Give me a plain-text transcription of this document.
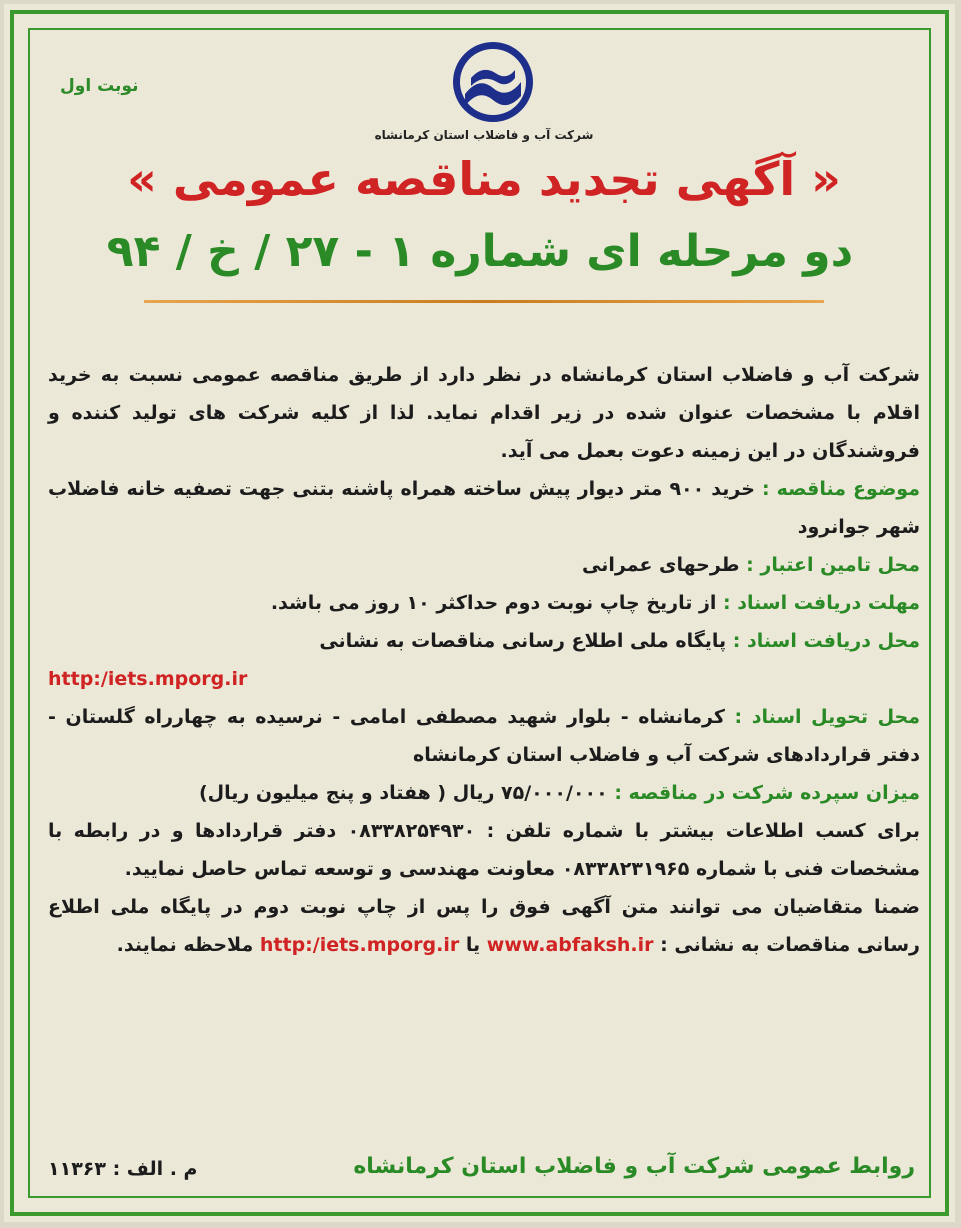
نوبت اول
شرکت آب و فاضلاب استان کرمانشاه
« آگهی تجدید مناقصه عمومی »
دو مرحله ای شماره ۱ - ۲۷ / خ / ۹۴

شرکت آب و فاضلاب استان کرمانشاه در نظر دارد از طریق مناقصه عمومی نسبت به خرید اقلام با مشخصات عنوان شده در زیر اقدام نماید. لذا از کلیه شرکت های تولید کننده و فروشندگان در این زمینه دعوت بعمل می آید.

موضوع مناقصه : خرید ۹۰۰ متر دیوار پیش ساخته همراه پاشنه بتنی جهت تصفیه خانه فاضلاب شهر جوانرود

محل تامین اعتبار : طرحهای عمرانی

مهلت دریافت اسناد : از تاریخ چاپ نوبت دوم حداکثر ۱۰ روز می باشد.

محل دریافت اسناد : پایگاه ملی اطلاع رسانی مناقصات به نشانی

http:/iets.mporg.ir

محل تحویل اسناد : کرمانشاه - بلوار شهید مصطفی امامی - نرسیده به چهارراه گلستان - دفتر قراردادهای شرکت آب و فاضلاب استان کرمانشاه

میزان سپرده شرکت در مناقصه : ۷۵/۰۰۰/۰۰۰ ریال ( هفتاد و پنج میلیون ریال)

برای کسب اطلاعات بیشتر با شماره تلفن : ۰۸۳۳۸۲۵۴۹۳۰ دفتر قراردادها و در رابطه با مشخصات فنی با شماره ۰۸۳۳۸۲۳۱۹۶۵ معاونت مهندسی و توسعه تماس حاصل نمایید.

ضمنا متقاضیان می توانند متن آگهی فوق را پس از چاپ نوبت دوم در پایگاه ملی اطلاع رسانی مناقصات به نشانی : www.abfaksh.ir یا http:/iets.mporg.ir ملاحظه نمایند.

روابط عمومی شرکت آب و فاضلاب استان کرمانشاه
م . الف : ۱۱۳۶۳
